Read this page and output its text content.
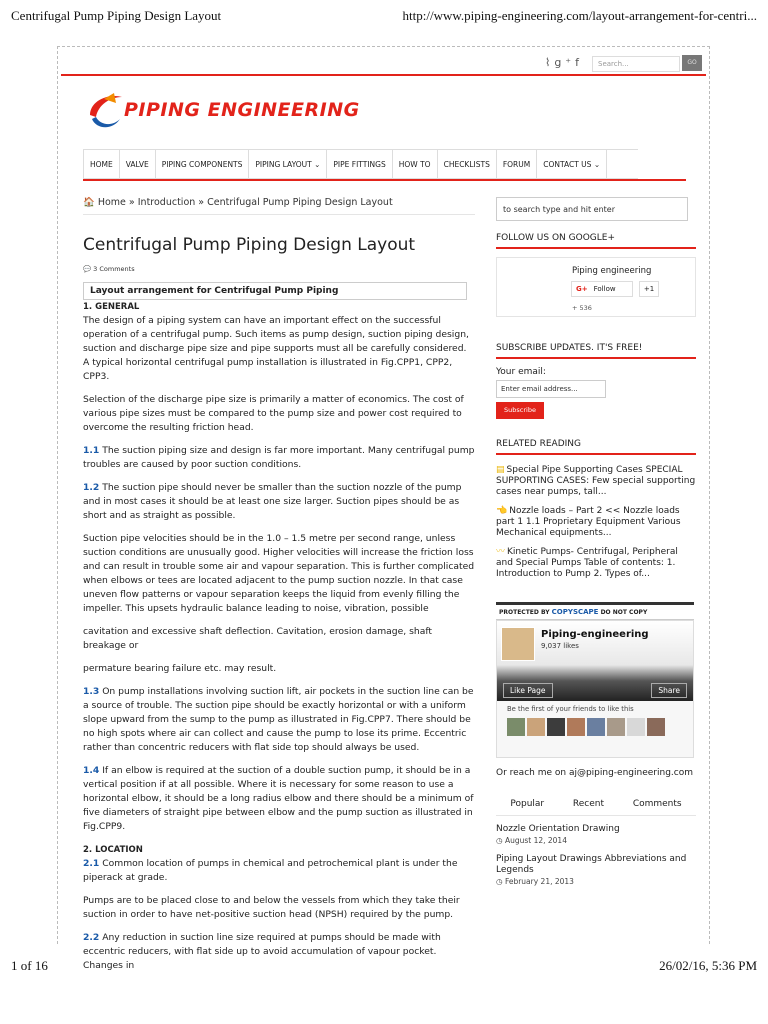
Centrifugal Pump Piping Design Layout	http://www.piping-engineering.com/layout-arrangement-for-centri...
⌇g⁺f	Search...	GO
PIPING ENGINEERING
HOME	VALVE	PIPING COMPONENTS	PIPING LAYOUT ⌄	PIPE FITTINGS	HOW TO	CHECKLISTS	FORUM	CONTACT US ⌄
🏠 Home » Introduction » Centrifugal Pump Piping Design Layout
Centrifugal Pump Piping Design Layout
💬 3 Comments
Layout arrangement for Centrifugal Pump Piping

1. GENERAL

The design of a piping system can have an important effect on the successful operation of a centrifugal pump. Such items as pump design, suction piping design, suction and discharge pipe size and pipe supports must all be carefully considered. A typical horizontal centrifugal pump installation is illustrated in Fig.CPP1, CPP2, CPP3.

Selection of the discharge pipe size is primarily a matter of economics. The cost of various pipe sizes must be compared to the pump size and power cost required to overcome the resulting friction head.

1.1 The suction piping size and design is far more important. Many centrifugal pump troubles are caused by poor suction conditions.

1.2 The suction pipe should never be smaller than the suction nozzle of the pump and in most cases it should be at least one size larger. Suction pipes should be as short and as straight as possible.

Suction pipe velocities should be in the 1.0 – 1.5 metre per second range, unless suction conditions are unusually good. Higher velocities will increase the friction loss and can result in trouble some air and vapour separation. This is further complicated when elbows or tees are located adjacent to the pump suction nozzle. In that case uneven flow patterns or vapour separation keeps the liquid from evenly filling the impeller. This upsets hydraulic balance leading to noise, vibration, possible

cavitation and excessive shaft deflection. Cavitation, erosion damage, shaft breakage or

permature bearing failure etc. may result.

1.3 On pump installations involving suction lift, air pockets in the suction line can be a source of trouble. The suction pipe should be exactly horizontal or with a uniform slope upward from the sump to the pump as illustrated in Fig.CPP7. There should be no high spots where air can collect and cause the pump to lose its prime. Eccentric rather than concentric reducers with flat side top should always be used.

1.4 If an elbow is required at the suction of a double suction pump, it should be in a vertical position if at all possible. Where it is necessary for some reason to use a horizontal elbow, it should be a long radius elbow and there should be a minimum of five diameters of straight pipe between elbow and the pump suction as illustrated in Fig.CPP9.

2. LOCATION

2.1 Common location of pumps in chemical and petrochemical plant is under the piperack at grade.

Pumps are to be placed close to and below the vessels from which they take their suction in order to have net-positive suction head (NPSH) required by the pump.

2.2 Any reduction in suction line size required at pumps should be made with eccentric reducers, with flat side up to avoid accumulation of vapour pocket. Changes in

to search type and hit enter
FOLLOW US ON GOOGLE+
Piping engineering
G+ Follow	+1
+ 536
SUBSCRIBE UPDATES. IT'S FREE!
Your email:
Enter email address...
Subscribe
RELATED READING
▤ Special Pipe Supporting Cases SPECIAL SUPPORTING CASES: Few special supporting cases near pumps, tall...
👈 Nozzle loads – Part 2 << Nozzle loads part 1 1.1 Proprietary Equipment Various Mechanical equipments...
〰 Kinetic Pumps- Centrifugal, Peripheral and Special Pumps Table of contents: 1. Introduction to Pump 2. Types of...
PROTECTED BY COPYSCAPE DO NOT COPY
Piping-engineering
9,037 likes
Like Page	Share
Be the first of your friends to like this
Or reach me on aj@piping-engineering.com
Popular	Recent	Comments
Nozzle Orientation Drawing
◷ August 12, 2014
Piping Layout Drawings Abbreviations and Legends
◷ February 21, 2013
1 of 16	26/02/16, 5:36 PM
